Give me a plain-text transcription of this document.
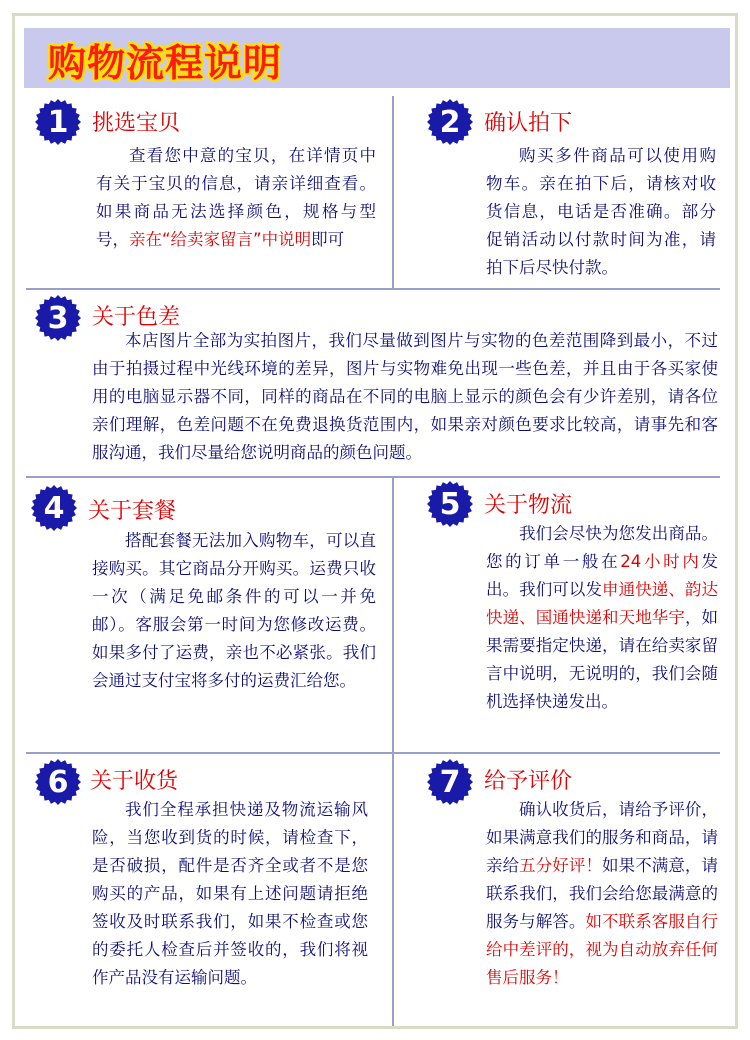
购物流程说明
1 挑选宝贝
查看您中意的宝贝，在详情页中有关于宝贝的信息，请亲详细查看。如果商品无法选择颜色，规格与型号，亲在“给卖家留言”中说明即可
2 确认拍下
购买多件商品可以使用购物车。亲在拍下后，请核对收货信息，电话是否准确。部分促销活动以付款时间为准，请拍下后尽快付款。
3 关于色差
本店图片全部为实拍图片，我们尽量做到图片与实物的色差范围降到最小，不过由于拍摄过程中光线环境的差异，图片与实物难免出现一些色差，并且由于各买家使用的电脑显示器不同，同样的商品在不同的电脑上显示的颜色会有少许差别，请各位亲们理解，色差问题不在免费退换货范围内，如果亲对颜色要求比较高，请事先和客服沟通，我们尽量给您说明商品的颜色问题。
4 关于套餐
搭配套餐无法加入购物车，可以直接购买。其它商品分开购买。运费只收一次（满足免邮条件的可以一并免邮）。客服会第一时间为您修改运费。如果多付了运费，亲也不必紧张。我们会通过支付宝将多付的运费汇给您。
5 关于物流
我们会尽快为您发出商品。您的订单一般在24小时内发出。我们可以发申通快递、韵达快递、国通快递和天地华宇，如果需要指定快递，请在给卖家留言中说明，无说明的，我们会随机选择快递发出。
6 关于收货
我们全程承担快递及物流运输风险，当您收到货的时候，请检查下，是否破损，配件是否齐全或者不是您购买的产品，如果有上述问题请拒绝签收及时联系我们，如果不检查或您的委托人检查后并签收的，我们将视作产品没有运输问题。
7 给予评价
确认收货后，请给予评价，如果满意我们的服务和商品，请亲给五分好评！如果不满意，请联系我们，我们会给您最满意的服务与解答。如不联系客服自行给中差评的，视为自动放弃任何售后服务！
